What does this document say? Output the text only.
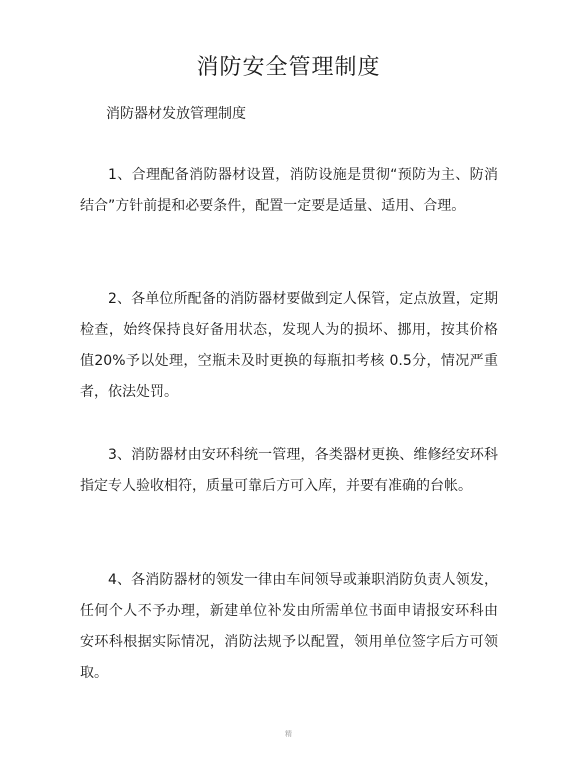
消防安全管理制度
消防器材发放管理制度

1、合理配备消防器材设置，消防设施是贯彻“预防为主、防消结合”方针前提和必要条件，配置一定要是适量、适用、合理。

2、各单位所配备的消防器材要做到定人保管，定点放置，定期检查，始终保持良好备用状态，发现人为的损坏、挪用，按其价格值20%予以处理，空瓶未及时更换的每瓶扣考核 0.5分，情况严重者，依法处罚。

3、消防器材由安环科统一管理，各类器材更换、维修经安环科指定专人验收相符，质量可靠后方可入库，并要有准确的台帐。

4、各消防器材的领发一律由车间领导或兼职消防负责人领发，任何个人不予办理，新建单位补发由所需单位书面申请报安环科由安环科根据实际情况，消防法规予以配置，领用单位签字后方可领取。

精
